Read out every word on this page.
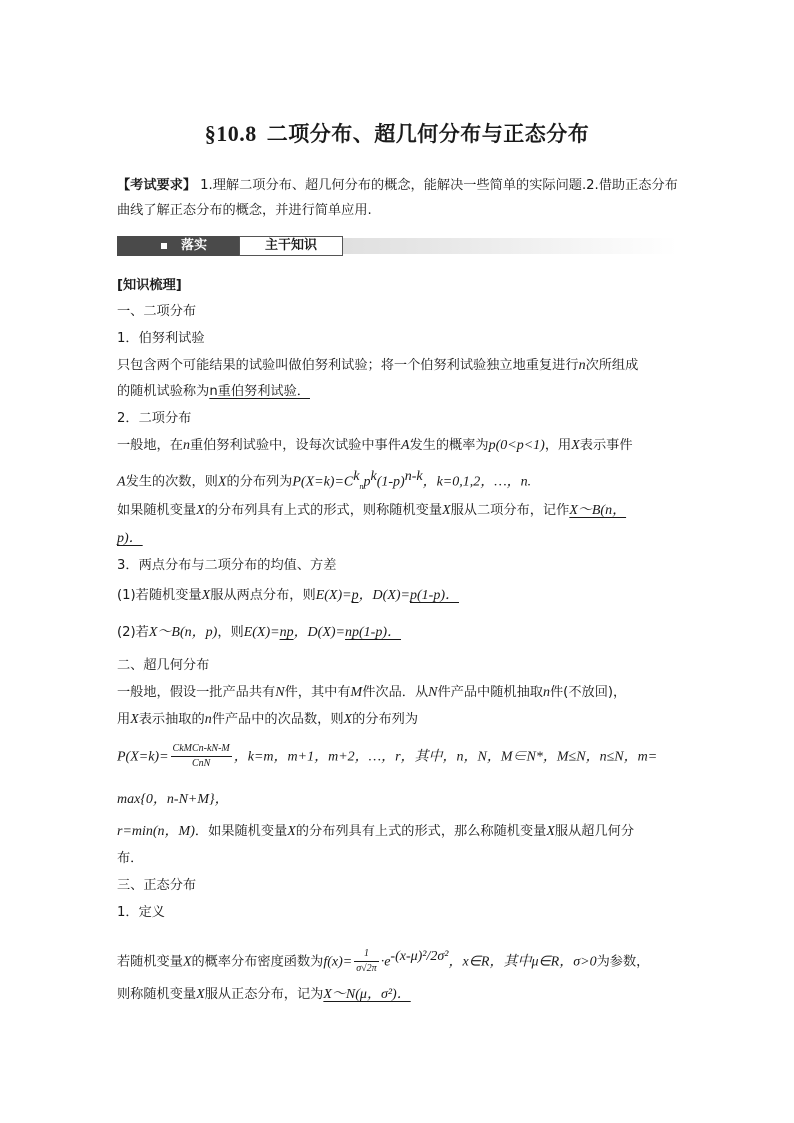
§10.8 二项分布、超几何分布与正态分布
【考试要求】 1.理解二项分布、超几何分布的概念，能解决一些简单的实际问题.2.借助正态分布曲线了解正态分布的概念，并进行简单应用.
落实	主干知识
[知识梳理]
一、二项分布
1．伯努利试验
只包含两个可能结果的试验叫做伯努利试验；将一个伯努利试验独立地重复进行n次所组成
的随机试验称为n重伯努利试验．
2．二项分布
一般地，在n重伯努利试验中，设每次试验中事件A发生的概率为p(0<p<1)，用X表示事件
A发生的次数，则X的分布列为$P(X=k)=C^k_np^k(1-p)^{n-k}$，k=0,1,2，…，n.
如果随机变量X的分布列具有上式的形式，则称随机变量X服从二项分布，记作X～B(n，
p)．
3．两点分布与二项分布的均值、方差
(1)若随机变量X服从两点分布，则E(X)=p，D(X)=p(1-p)．
(2)若X～B(n，p)，则E(X)=np，D(X)=np(1-p)．
二、超几何分布
一般地，假设一批产品共有N件，其中有M件次品．从N件产品中随机抽取n件(不放回)，
用X表示抽取的n件产品中的次品数，则X的分布列为
$P(X=k)= \frac{\text{CkMCn-kN-M}}{\text{CnN}}$ ，k=m，m+1，m+2，…，r，其中，n，N，M∈N*，M≤N，n≤N，m=
max{0，n-N+M}，
r=min(n，M)．如果随机变量X的分布列具有上式的形式，那么称随机变量X服从超几何分
布．
三、正态分布
1．定义
若随机变量X的概率分布密度函数为$f(x)= \frac{1}{\sigma√2\pi} \cdot e^{-(x-\mu)^2/2\sigma^2}$，x∈R，其中μ∈R，σ>0为参数，
则称随机变量X服从正态分布，记为X～N(μ，σ²)．
